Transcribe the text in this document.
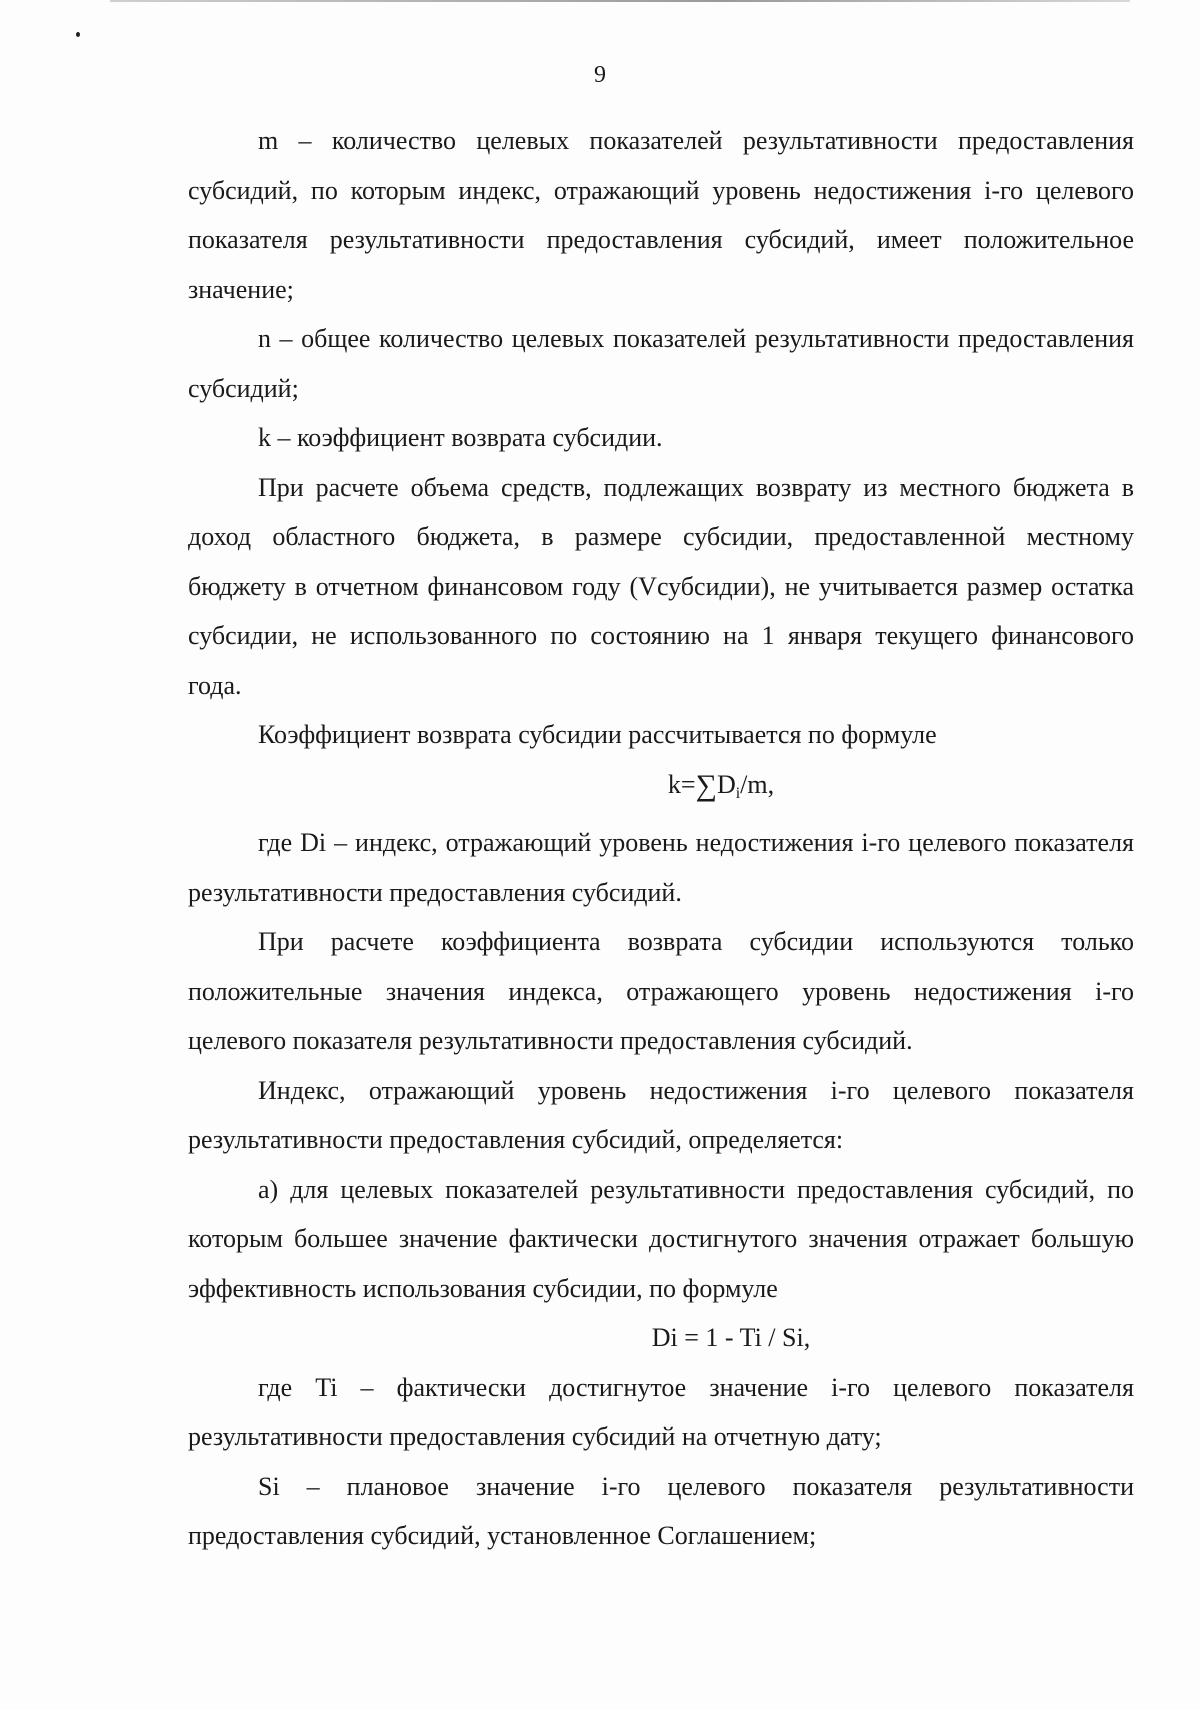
9

m – количество целевых показателей результативности предоставления субсидий, по которым индекс, отражающий уровень недостижения i-го целевого показателя результативности предоставления субсидий, имеет положительное значение;

n – общее количество целевых показателей результативности предоставления субсидий;

k – коэффициент возврата субсидии.

При расчете объема средств, подлежащих возврату из местного бюджета в доход областного бюджета, в размере субсидии, предоставленной местному бюджету в отчетном финансовом году (Vсубсидии), не учитывается размер остатка субсидии, не использованного по состоянию на 1 января текущего финансового года.

Коэффициент возврата субсидии рассчитывается по формуле

$k=\sum D_i/m$,

где Di – индекс, отражающий уровень недостижения i-го целевого показателя результативности предоставления субсидий.

При расчете коэффициента возврата субсидии используются только положительные значения индекса, отражающего уровень недостижения i-го целевого показателя результативности предоставления субсидий.

Индекс, отражающий уровень недостижения i-го целевого показателя результативности предоставления субсидий, определяется:

а) для целевых показателей результативности предоставления субсидий, по которым большее значение фактически достигнутого значения отражает большую эффективность использования субсидии, по формуле

Di = 1 - Ti / Si,

где Ti – фактически достигнутое значение i-го целевого показателя результативности предоставления субсидий на отчетную дату;

Si – плановое значение i-го целевого показателя результативности предоставления субсидий, установленное Соглашением;
